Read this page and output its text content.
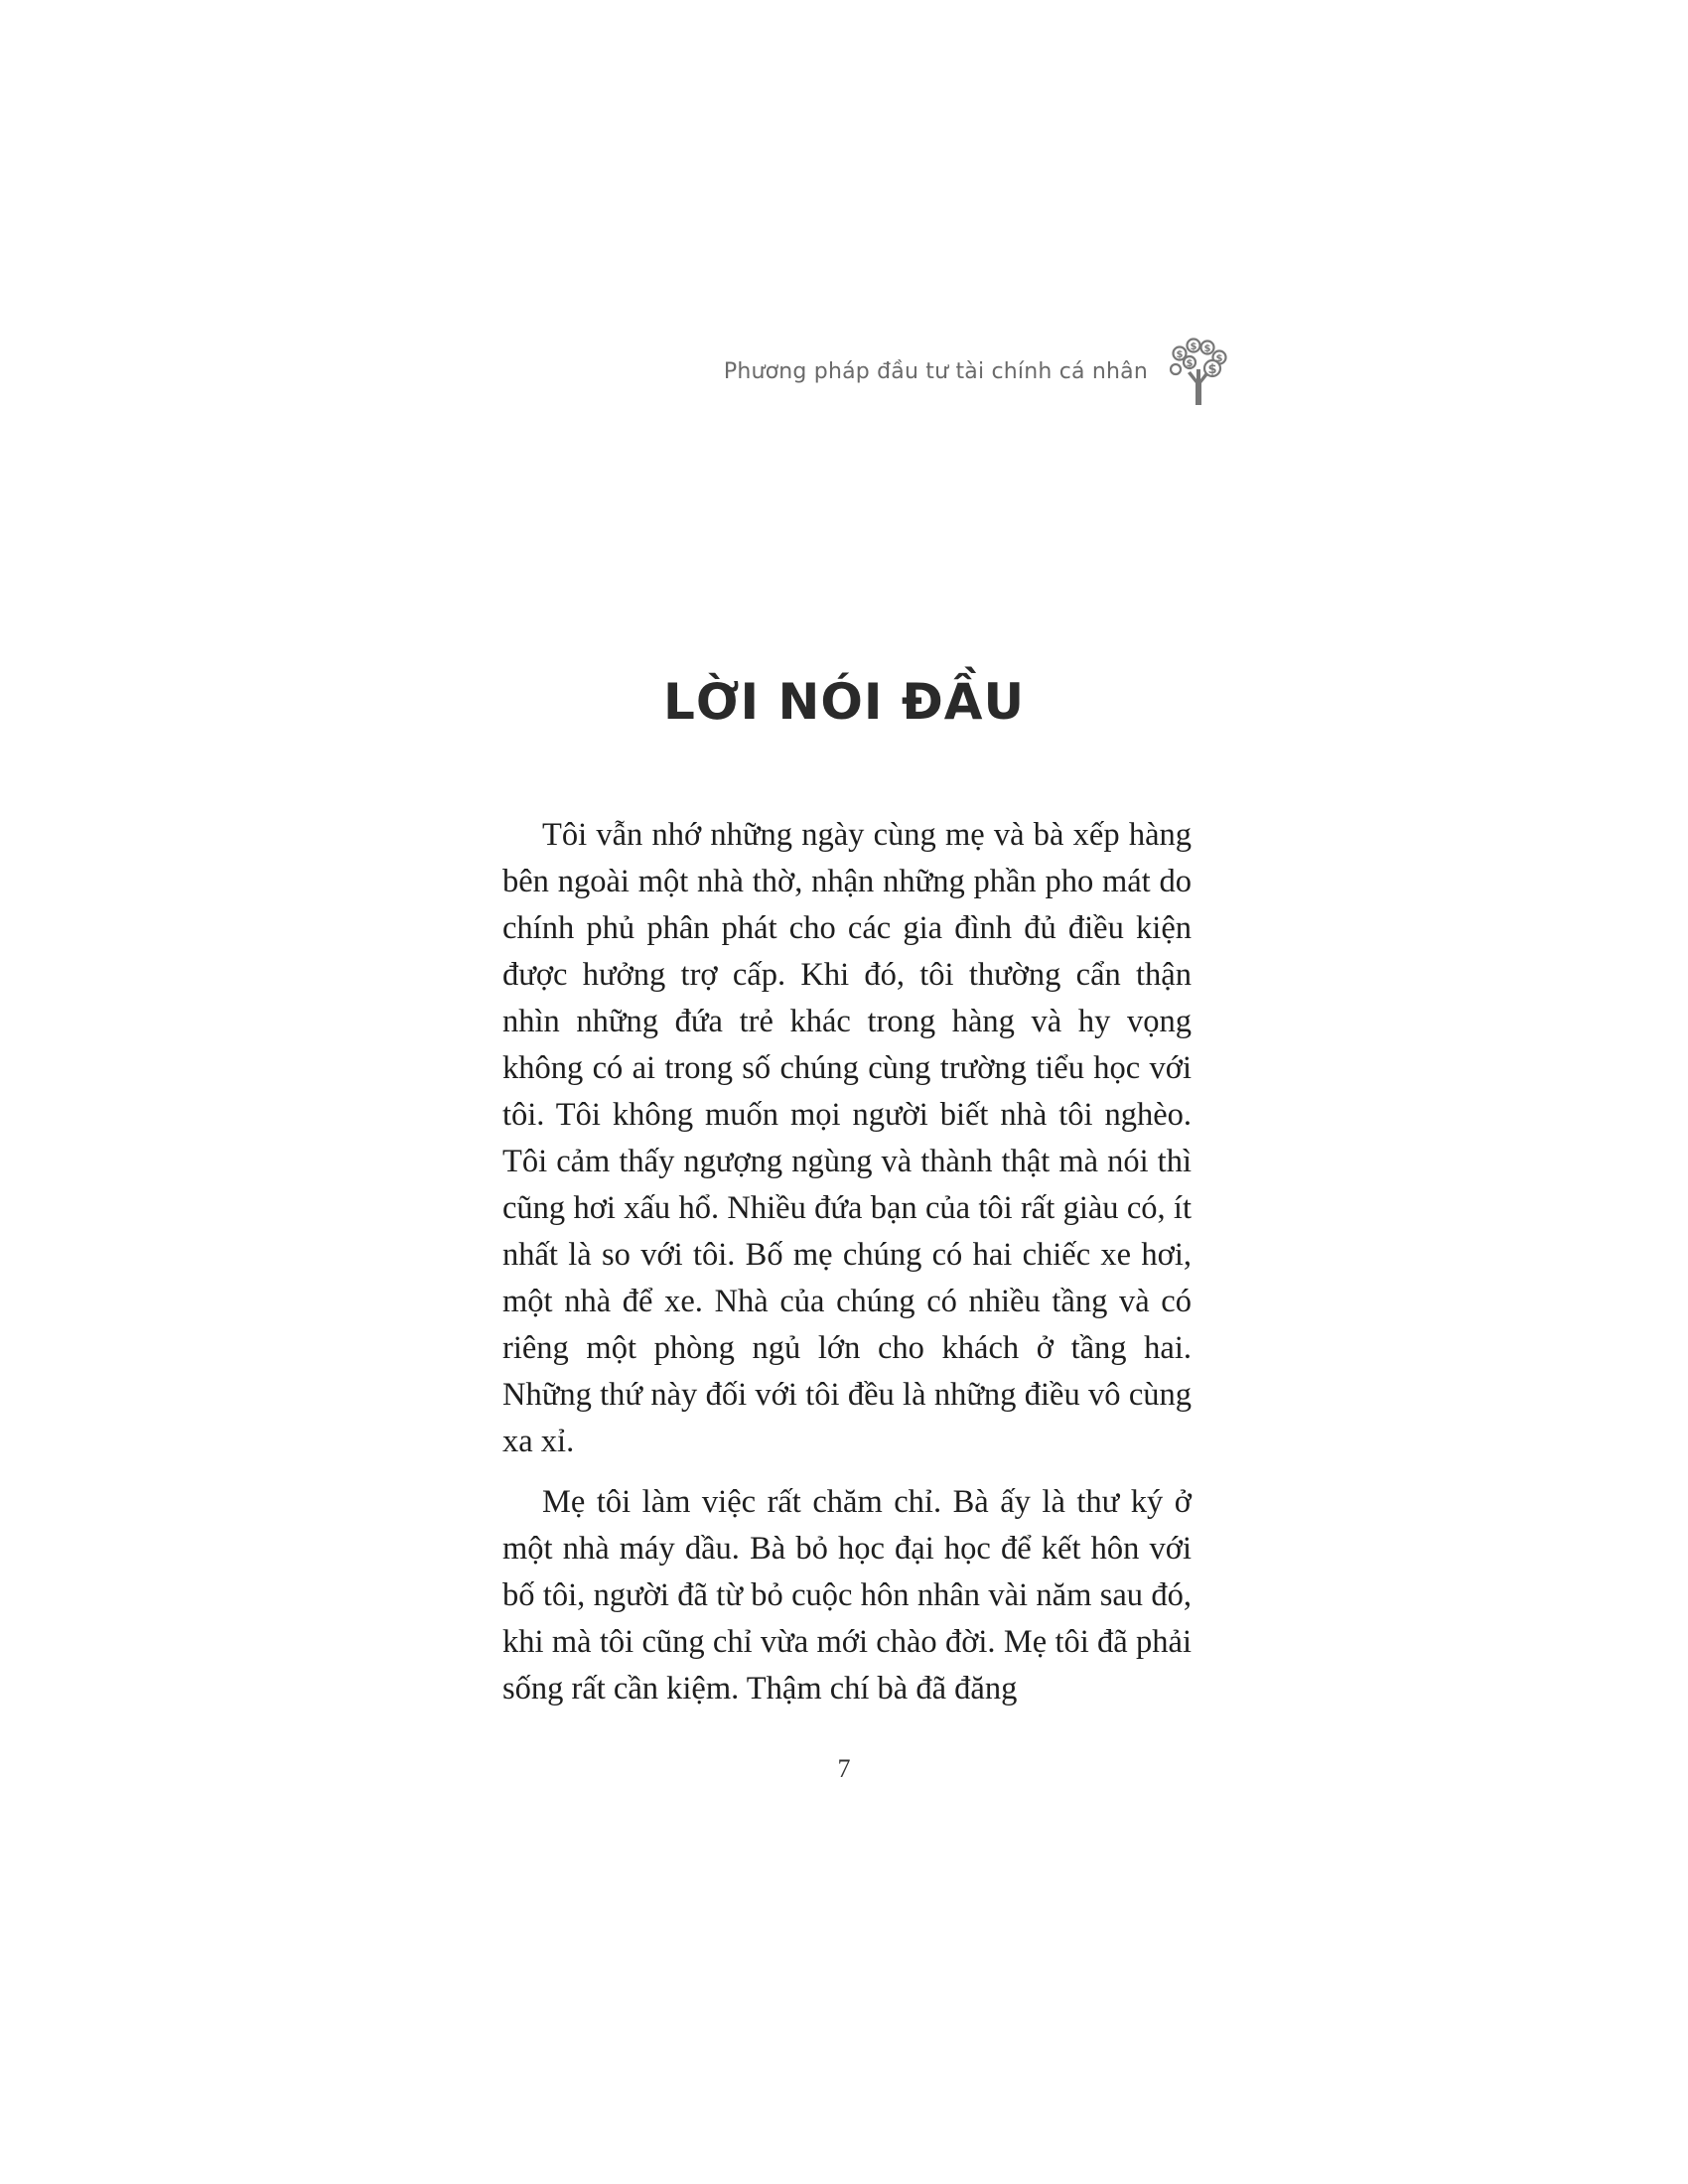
Phương pháp đầu tư tài chính cá nhân
$
$ $
$
$ $
LỜI NÓI ĐẦU

Tôi vẫn nhớ những ngày cùng mẹ và bà xếp hàng bên ngoài một nhà thờ, nhận những phần pho mát do chính phủ phân phát cho các gia đình đủ điều kiện được hưởng trợ cấp. Khi đó, tôi thường cẩn thận nhìn những đứa trẻ khác trong hàng và hy vọng không có ai trong số chúng cùng trường tiểu học với tôi. Tôi không muốn mọi người biết nhà tôi nghèo. Tôi cảm thấy ngượng ngùng và thành thật mà nói thì cũng hơi xấu hổ. Nhiều đứa bạn của tôi rất giàu có, ít nhất là so với tôi. Bố mẹ chúng có hai chiếc xe hơi, một nhà để xe. Nhà của chúng có nhiều tầng và có riêng một phòng ngủ lớn cho khách ở tầng hai. Những thứ này đối với tôi đều là những điều vô cùng xa xỉ.

Mẹ tôi làm việc rất chăm chỉ. Bà ấy là thư ký ở một nhà máy dầu. Bà bỏ học đại học để kết hôn với bố tôi, người đã từ bỏ cuộc hôn nhân vài năm sau đó, khi mà tôi cũng chỉ vừa mới chào đời. Mẹ tôi đã phải sống rất cần kiệm. Thậm chí bà đã đăng

7
